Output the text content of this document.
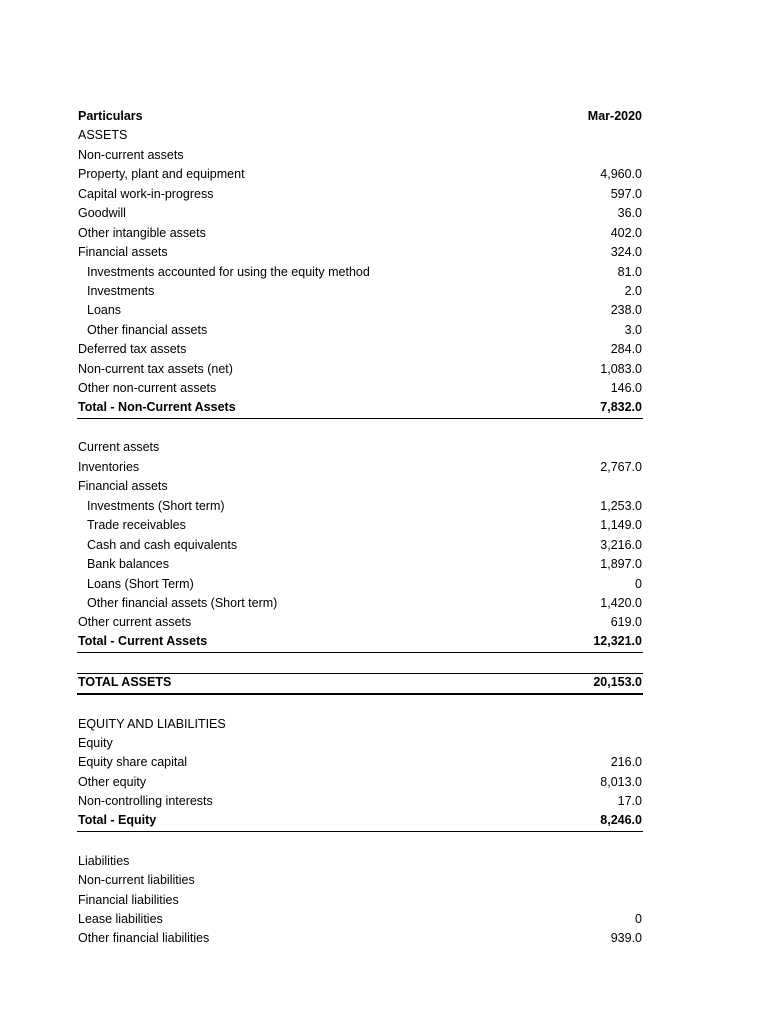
Particulars	Mar-2020
ASSETS
Non-current assets
Property, plant and equipment	4,960.0
Capital work-in-progress	597.0
Goodwill	36.0
Other intangible assets	402.0
Financial assets	324.0
Investments accounted for using the equity method	81.0
Investments	2.0
Loans	238.0
Other financial assets	3.0
Deferred tax assets	284.0
Non-current tax assets (net)	1,083.0
Other non-current assets	146.0
Total - Non-Current Assets	7,832.0
Current assets
Inventories	2,767.0
Financial assets
Investments (Short term)	1,253.0
Trade receivables	1,149.0
Cash and cash equivalents	3,216.0
Bank balances	1,897.0
Loans (Short Term)	0
Other financial assets (Short term)	1,420.0
Other current assets	619.0
Total - Current Assets	12,321.0
TOTAL ASSETS	20,153.0
EQUITY AND LIABILITIES
Equity
Equity share capital	216.0
Other equity	8,013.0
Non-controlling interests	17.0
Total - Equity	8,246.0
Liabilities
Non-current liabilities
Financial liabilities
Lease liabilities	0
Other financial liabilities	939.0
